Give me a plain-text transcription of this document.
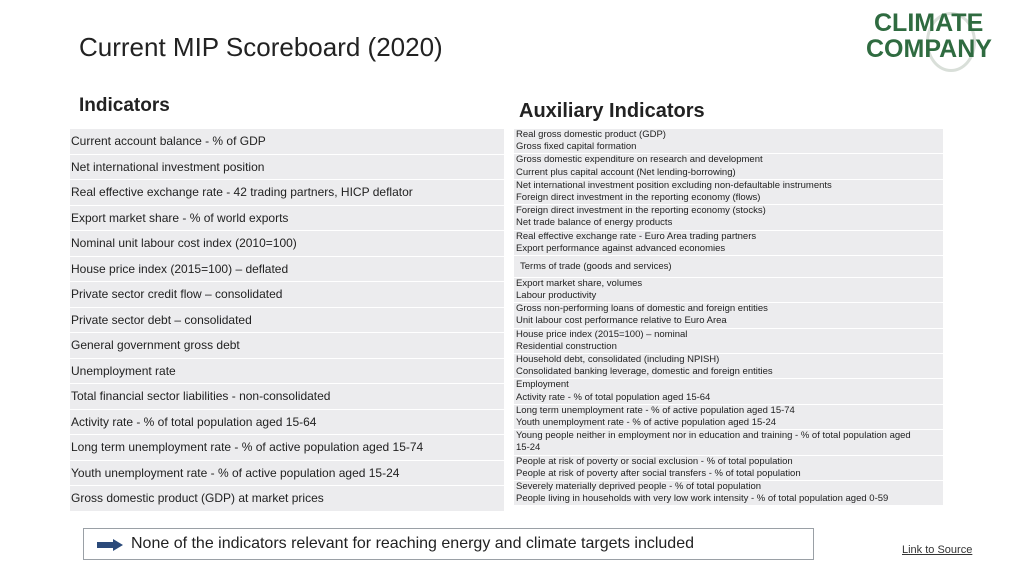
Current MIP Scoreboard (2020)
CLIMATE
COMPANY
Indicators	Auxiliary Indicators
Current account balance - % of GDP
Net international investment position
Real effective exchange rate - 42 trading partners, HICP deflator
Export market share - % of world exports
Nominal unit labour cost index (2010=100)
House price index (2015=100) – deflated
Private sector credit flow – consolidated
Private sector debt – consolidated
General government gross debt
Unemployment rate
Total financial sector liabilities - non-consolidated
Activity rate - % of total population aged 15-64
Long term unemployment rate - % of active population aged 15-74
Youth unemployment rate - % of active population aged 15-24
Gross domestic product (GDP) at market prices
Real gross domestic product (GDP)
Gross fixed capital formation
Gross domestic expenditure on research and development
Current plus capital account (Net lending-borrowing)
Net international investment position excluding non-defaultable instruments
Foreign direct investment in the reporting economy (flows)
Foreign direct investment in the reporting economy (stocks)
Net trade balance of energy products
Real effective exchange rate - Euro Area trading partners
Export performance against advanced economies
Terms of trade (goods and services)
Export market share, volumes
Labour productivity
Gross non-performing loans of domestic and foreign entities
Unit labour cost performance relative to Euro Area
House price index (2015=100) – nominal
Residential construction
Household debt, consolidated (including NPISH)
Consolidated banking leverage, domestic and foreign entities
Employment
Activity rate - % of total population aged 15-64
Long term unemployment rate - % of active population aged 15-74
Youth unemployment rate - % of active population aged 15-24
Young people neither in employment nor in education and training - % of total population aged
15-24
People at risk of poverty or social exclusion - % of total population
People at risk of poverty after social transfers - % of total population
Severely materially deprived people - % of total population
People living in households with very low work intensity - % of total population aged 0-59
None of the indicators relevant for reaching energy and climate targets included	Link to Source
